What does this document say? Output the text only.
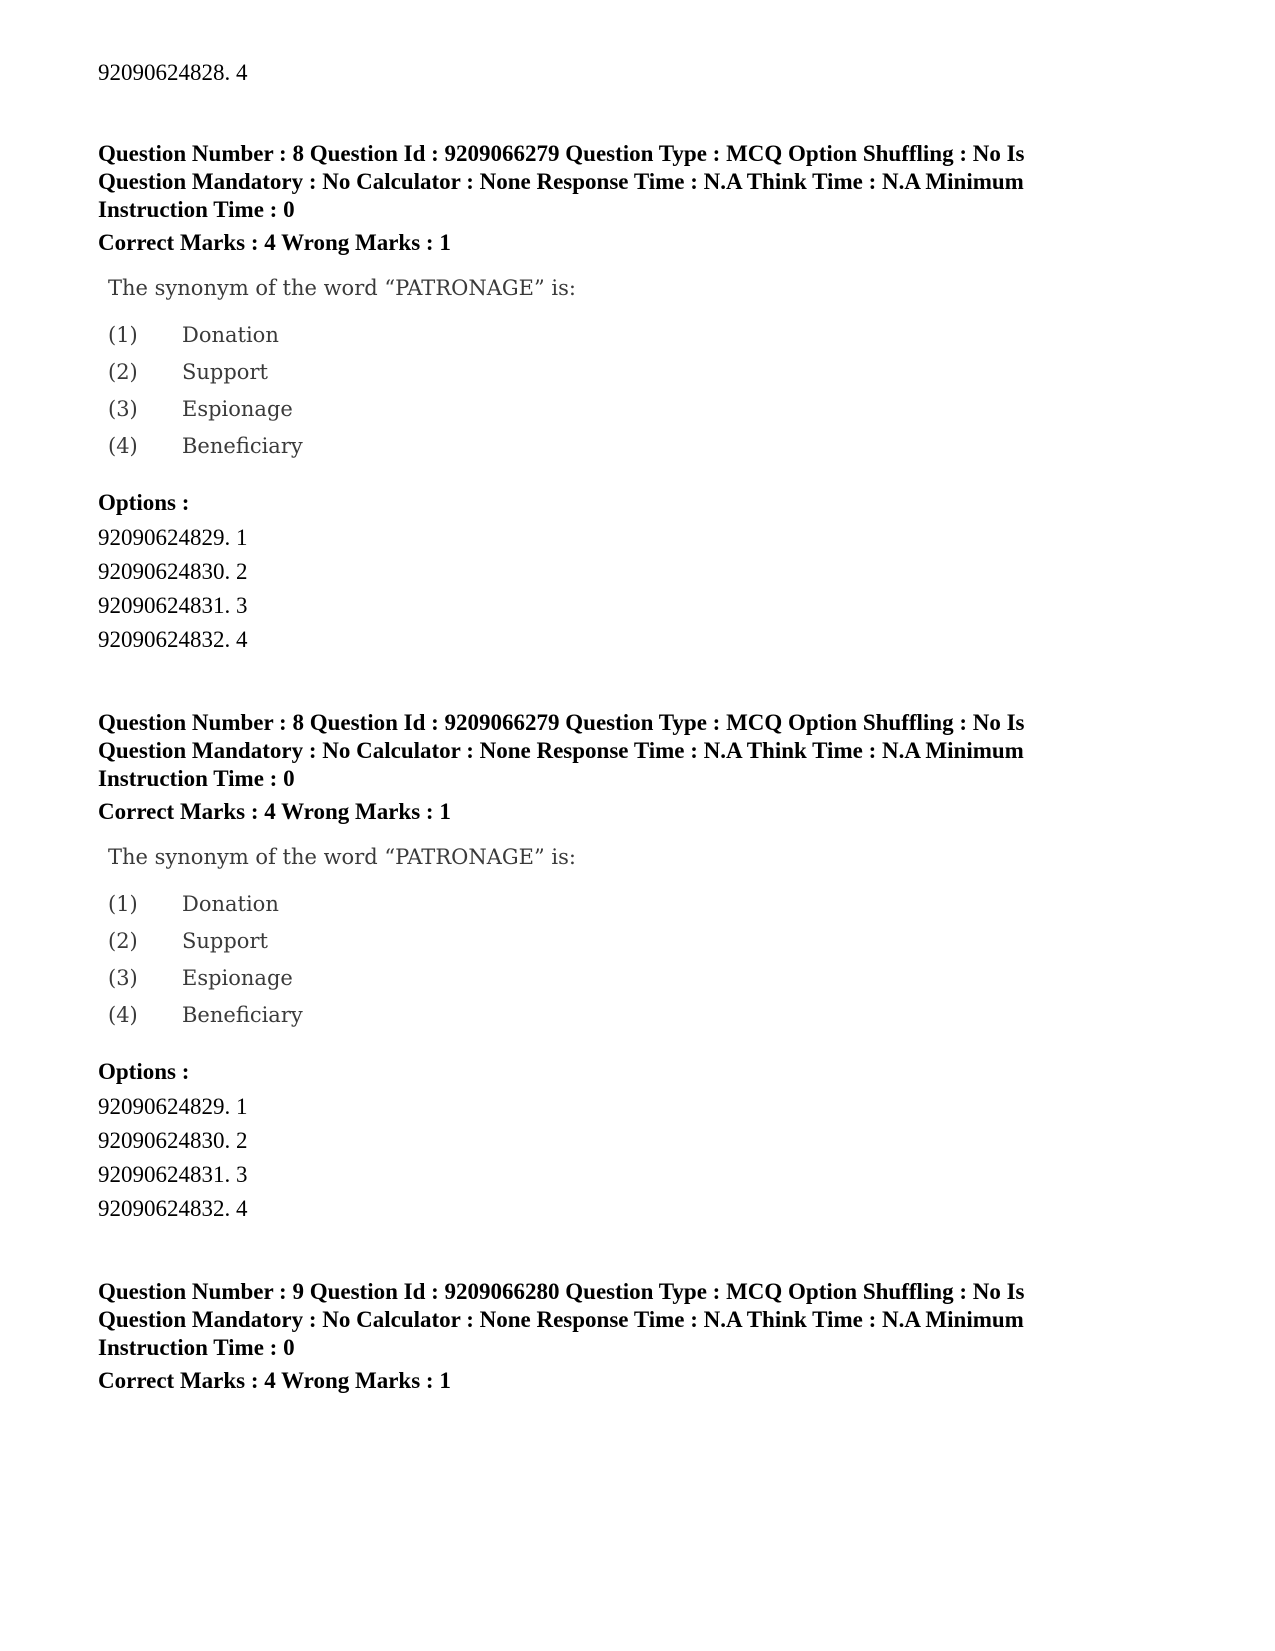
92090624828. 4
Question Number : 8 Question Id : 9209066279 Question Type : MCQ Option Shuffling : No Is
Question Mandatory : No Calculator : None Response Time : N.A Think Time : N.A Minimum
Instruction Time : 0
Correct Marks : 4 Wrong Marks : 1
The synonym of the word “PATRONAGE” is:
(1) Donation
(2) Support
(3) Espionage
(4) Beneficiary
Options :
92090624829. 1
92090624830. 2
92090624831. 3
92090624832. 4
Question Number : 8 Question Id : 9209066279 Question Type : MCQ Option Shuffling : No Is
Question Mandatory : No Calculator : None Response Time : N.A Think Time : N.A Minimum
Instruction Time : 0
Correct Marks : 4 Wrong Marks : 1
The synonym of the word “PATRONAGE” is:
(1) Donation
(2) Support
(3) Espionage
(4) Beneficiary
Options :
92090624829. 1
92090624830. 2
92090624831. 3
92090624832. 4
Question Number : 9 Question Id : 9209066280 Question Type : MCQ Option Shuffling : No Is
Question Mandatory : No Calculator : None Response Time : N.A Think Time : N.A Minimum
Instruction Time : 0
Correct Marks : 4 Wrong Marks : 1
